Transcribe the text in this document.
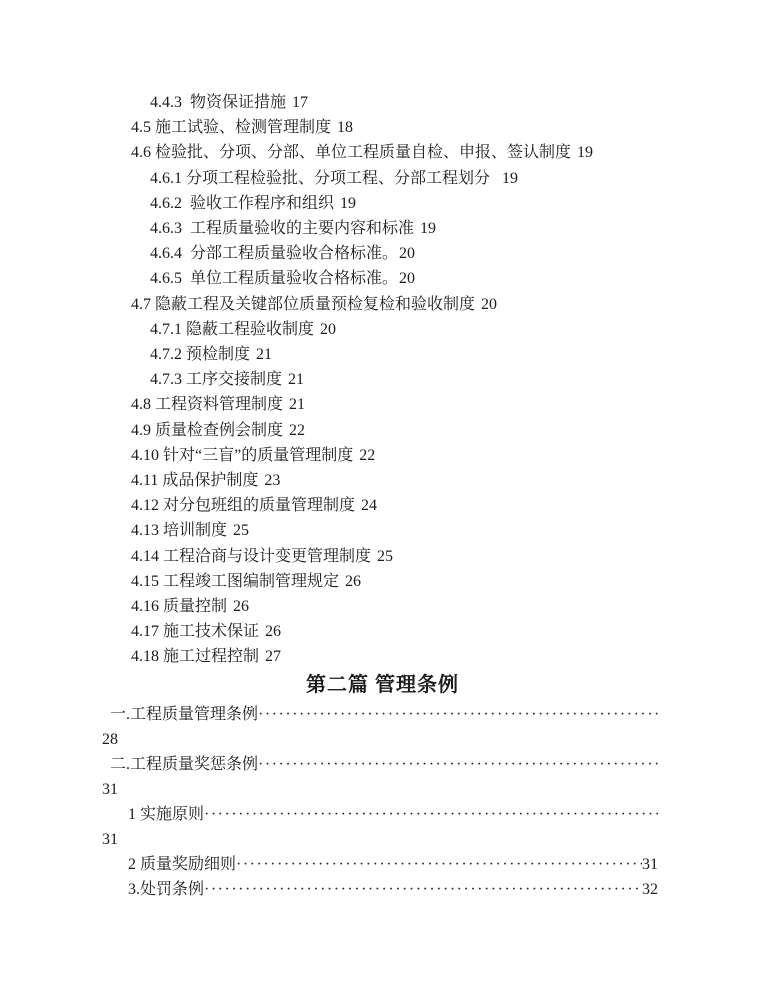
4.4.3  物资保证措施 17
4.5 施工试验、检测管理制度 18
4.6 检验批、分项、分部、单位工程质量自检、申报、签认制度 19
4.6.1 分项工程检验批、分项工程、分部工程划分 19
4.6.2  验收工作程序和组织 19
4.6.3  工程质量验收的主要内容和标准 19
4.6.4  分部工程质量验收合格标准。20
4.6.5  单位工程质量验收合格标准。20
4.7 隐蔽工程及关键部位质量预检复检和验收制度 20
4.7.1 隐蔽工程验收制度 20
4.7.2 预检制度 21
4.7.3 工序交接制度 21
4.8 工程资料管理制度 21
4.9 质量检查例会制度 22
4.10 针对“三盲”的质量管理制度 22
4.11 成品保护制度 23
4.12 对分包班组的质量管理制度 24
4.13 培训制度 25
4.14 工程洽商与设计变更管理制度 25
4.15 工程竣工图编制管理规定 26
4.16 质量控制 26
4.17 施工技术保证 26
4.18 施工过程控制 27
第二篇 管理条例
一.工程质量管理条例
·····
28
二.工程质量奖惩条例
·····
31
1 实施原则
·····
31
2 质量奖励细则 ·····	31
3.处罚条例 ·····	32
